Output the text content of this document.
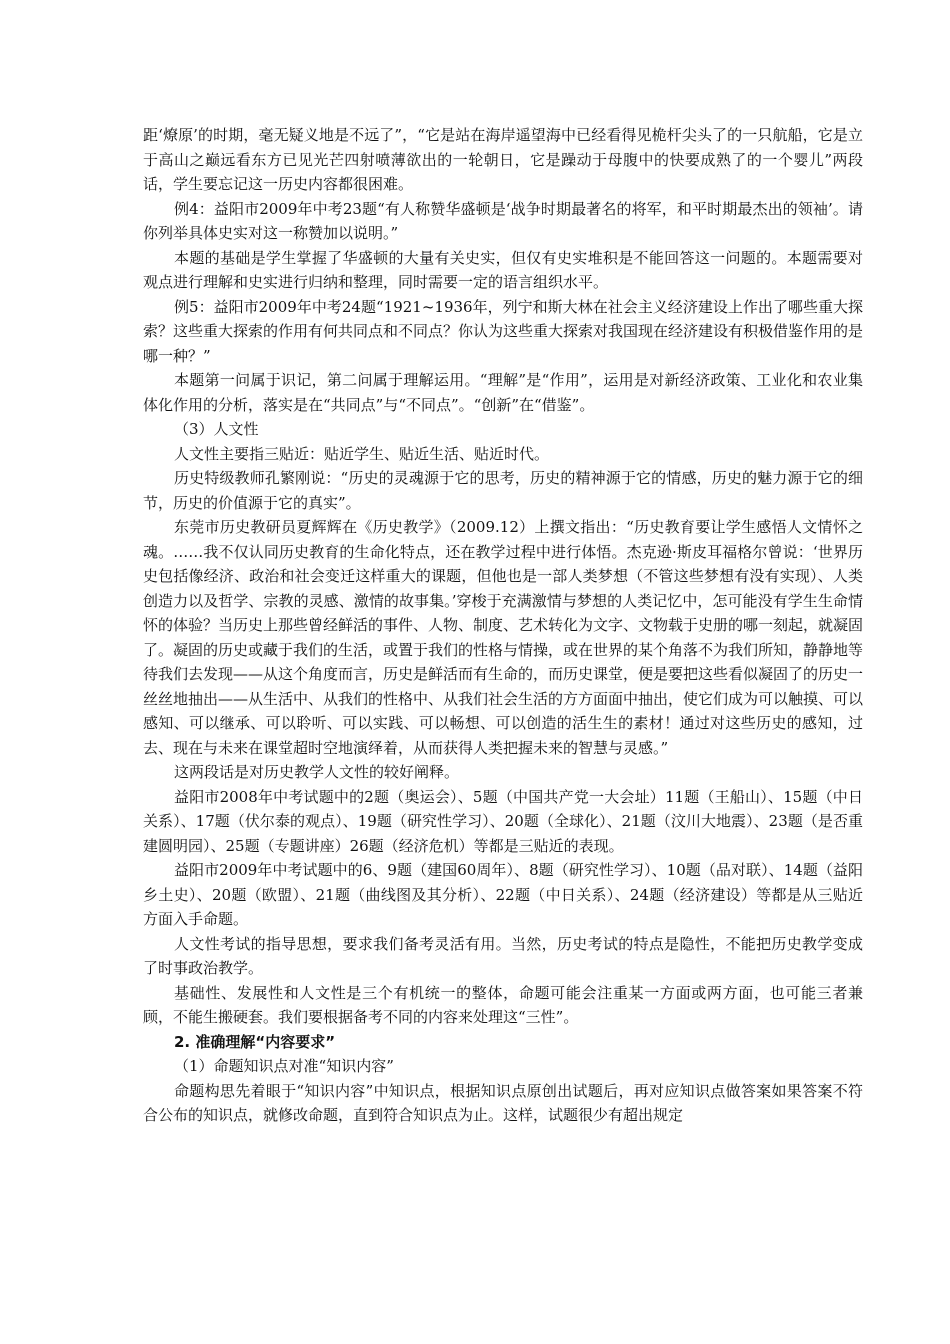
距‘燎原’的时期，毫无疑义地是不远了”，“它是站在海岸遥望海中已经看得见桅杆尖头了的一只航船，它是立于高山之巅远看东方已见光芒四射喷薄欲出的一轮朝日，它是躁动于母腹中的快要成熟了的一个婴儿”两段话，学生要忘记这一历史内容都很困难。

例4：益阳市2009年中考23题“有人称赞华盛顿是‘战争时期最著名的将军，和平时期最杰出的领袖’。请你列举具体史实对这一称赞加以说明。”

本题的基础是学生掌握了华盛顿的大量有关史实，但仅有史实堆积是不能回答这一问题的。本题需要对观点进行理解和史实进行归纳和整理，同时需要一定的语言组织水平。

例5：益阳市2009年中考24题“1921~1936年，列宁和斯大林在社会主义经济建设上作出了哪些重大探索？这些重大探索的作用有何共同点和不同点？你认为这些重大探索对我国现在经济建设有积极借鉴作用的是哪一种？”

本题第一问属于识记，第二问属于理解运用。“理解”是“作用”，运用是对新经济政策、工业化和农业集体化作用的分析，落实是在“共同点”与“不同点”。“创新”在“借鉴”。

（3）人文性

人文性主要指三贴近：贴近学生、贴近生活、贴近时代。

历史特级教师孔繁刚说：“历史的灵魂源于它的思考，历史的精神源于它的情感，历史的魅力源于它的细节，历史的价值源于它的真实”。

东莞市历史教研员夏辉辉在《历史教学》（2009.12）上撰文指出：“历史教育要让学生感悟人文情怀之魂。……我不仅认同历史教育的生命化特点，还在教学过程中进行体悟。杰克逊·斯皮耳福格尔曾说：‘世界历史包括像经济、政治和社会变迁这样重大的课题，但他也是一部人类梦想（不管这些梦想有没有实现）、人类创造力以及哲学、宗教的灵感、激情的故事集。’穿梭于充满激情与梦想的人类记忆中，怎可能没有学生生命情怀的体验？当历史上那些曾经鲜活的事件、人物、制度、艺术转化为文字、文物载于史册的哪一刻起，就凝固了。凝固的历史或藏于我们的生活，或置于我们的性格与情操，或在世界的某个角落不为我们所知，静静地等待我们去发现——从这个角度而言，历史是鲜活而有生命的，而历史课堂，便是要把这些看似凝固了的历史一丝丝地抽出——从生活中、从我们的性格中、从我们社会生活的方方面面中抽出，使它们成为可以触摸、可以感知、可以继承、可以聆听、可以实践、可以畅想、可以创造的活生生的素材！通过对这些历史的感知，过去、现在与未来在课堂超时空地演绎着，从而获得人类把握未来的智慧与灵感。”

这两段话是对历史教学人文性的较好阐释。

益阳市2008年中考试题中的2题（奥运会）、5题（中国共产党一大会址）11题（王船山）、15题（中日关系）、17题（伏尔泰的观点）、19题（研究性学习）、20题（全球化）、21题（汶川大地震）、23题（是否重建圆明园）、25题（专题讲座）26题（经济危机）等都是三贴近的表现。

益阳市2009年中考试题中的6、9题（建国60周年）、8题（研究性学习）、10题（品对联）、14题（益阳乡土史）、20题（欧盟）、21题（曲线图及其分析）、22题（中日关系）、24题（经济建设）等都是从三贴近方面入手命题。

人文性考试的指导思想，要求我们备考灵活有用。当然，历史考试的特点是隐性，不能把历史教学变成了时事政治教学。

基础性、发展性和人文性是三个有机统一的整体，命题可能会注重某一方面或两方面，也可能三者兼顾，不能生搬硬套。我们要根据备考不同的内容来处理这“三性”。

2. 准确理解“内容要求”

（1）命题知识点对准“知识内容”

命题构思先着眼于“知识内容”中知识点，根据知识点原创出试题后，再对应知识点做答案如果答案不符合公布的知识点，就修改命题，直到符合知识点为止。这样，试题很少有超出规定
